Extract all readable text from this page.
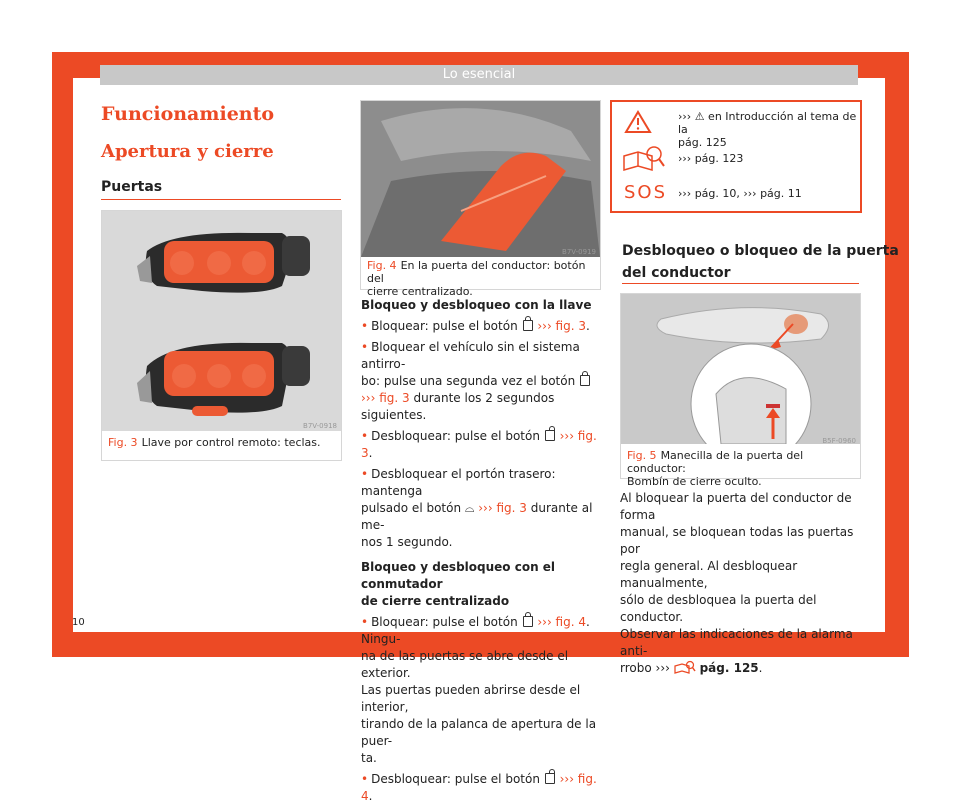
Lo esencial
Funcionamiento
Apertura y cierre
Puertas
B7V-0918
Fig. 3 Llave por control remoto: teclas.
B7V-0919
Fig. 4 En la puerta del conductor: botón del
cierre centralizado.
Bloqueo y desbloqueo con la llave
• Bloquear: pulse el botón ››› fig. 3.
• Bloquear el vehículo sin el sistema antirro-
bo: pulse una segunda vez el botón
››› fig. 3 durante los 2 segundos siguientes.
• Desbloquear: pulse el botón ››› fig. 3.
• Desbloquear el portón trasero: mantenga
pulsado el botón ⌓ ››› fig. 3 durante al me-
nos 1 segundo.
Bloqueo y desbloqueo con el conmutador
de cierre centralizado
• Bloquear: pulse el botón ››› fig. 4. Ningu-
na de las puertas se abre desde el exterior.
Las puertas pueden abrirse desde el interior,
tirando de la palanca de apertura de la puer-
ta.
• Desbloquear: pulse el botón ››› fig. 4.
››› ⚠ en Introducción al tema de la
pág. 125
››› pág. 123
SOS ››› pág. 10, ››› pág. 11
Desbloqueo o bloqueo de la puerta
del conductor
B5F-0960
Fig. 5 Manecilla de la puerta del conductor:
Bombín de cierre oculto.
Al bloquear la puerta del conductor de forma
manual, se bloquean todas las puertas por
regla general. Al desbloquear manualmente,
sólo de desbloquea la puerta del conductor.
Observar las indicaciones de la alarma anti-
rrobo ››› pág. 125.
10
